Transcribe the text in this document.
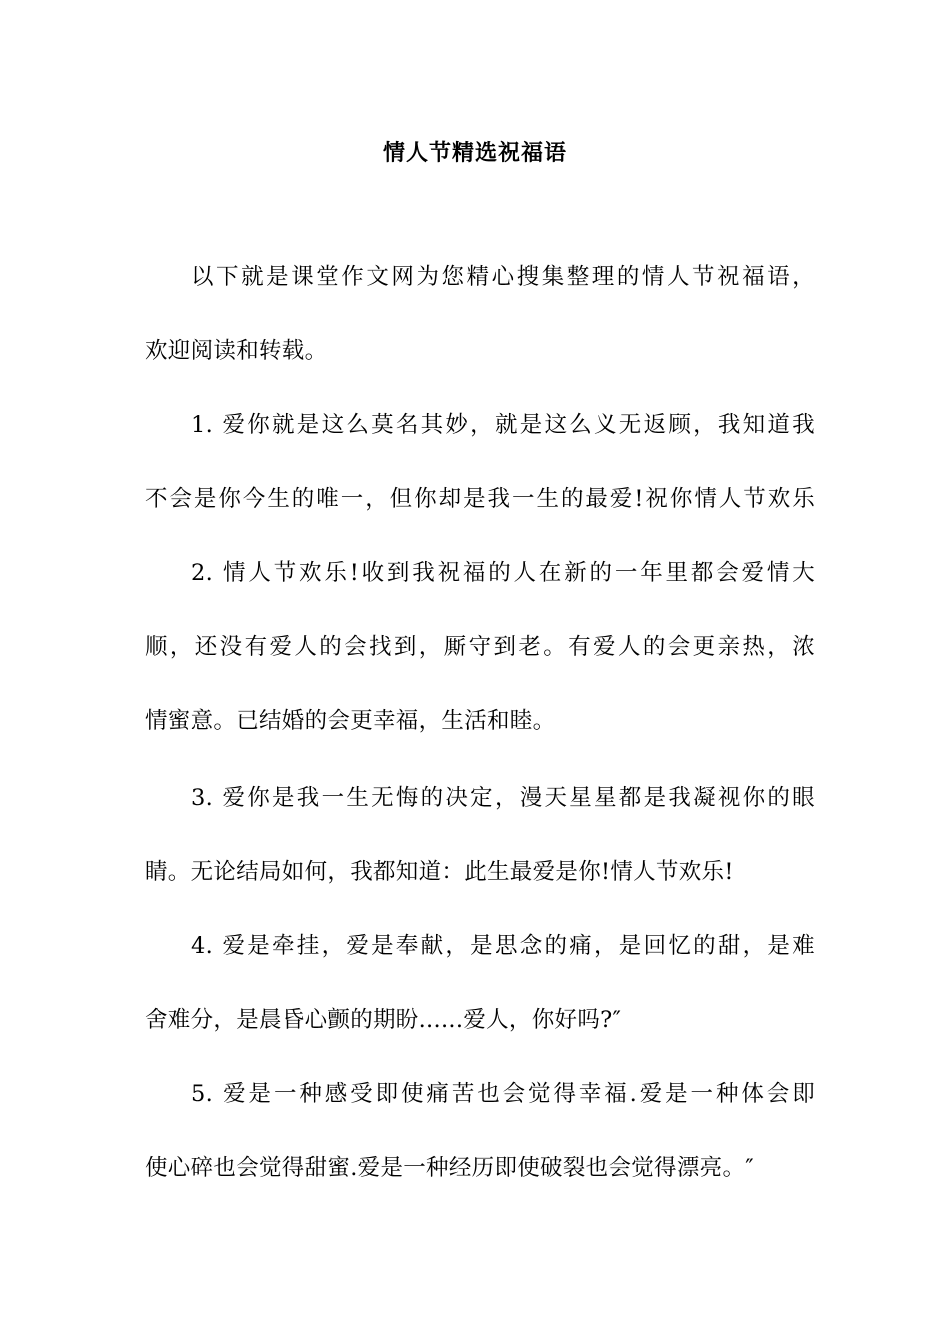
情人节精选祝福语
以下就是课堂作文网为您精心搜集整理的情人节祝福语，
欢迎阅读和转载。
1. 爱你就是这么莫名其妙，就是这么义无返顾，我知道我
不会是你今生的唯一，但你却是我一生的最爱!祝你情人节欢乐
2. 情人节欢乐!收到我祝福的人在新的一年里都会爱情大
顺，还没有爱人的会找到，厮守到老。有爱人的会更亲热，浓
情蜜意。已结婚的会更幸福，生活和睦。
3. 爱你是我一生无悔的决定，漫天星星都是我凝视你的眼
睛。无论结局如何，我都知道：此生最爱是你!情人节欢乐!
4. 爱是牵挂，爱是奉献，是思念的痛，是回忆的甜，是难
舍难分，是晨昏心颤的期盼......爱人，你好吗?″
5. 爱是一种感受即使痛苦也会觉得幸福.爱是一种体会即
使心碎也会觉得甜蜜.爱是一种经历即使破裂也会觉得漂亮。″
